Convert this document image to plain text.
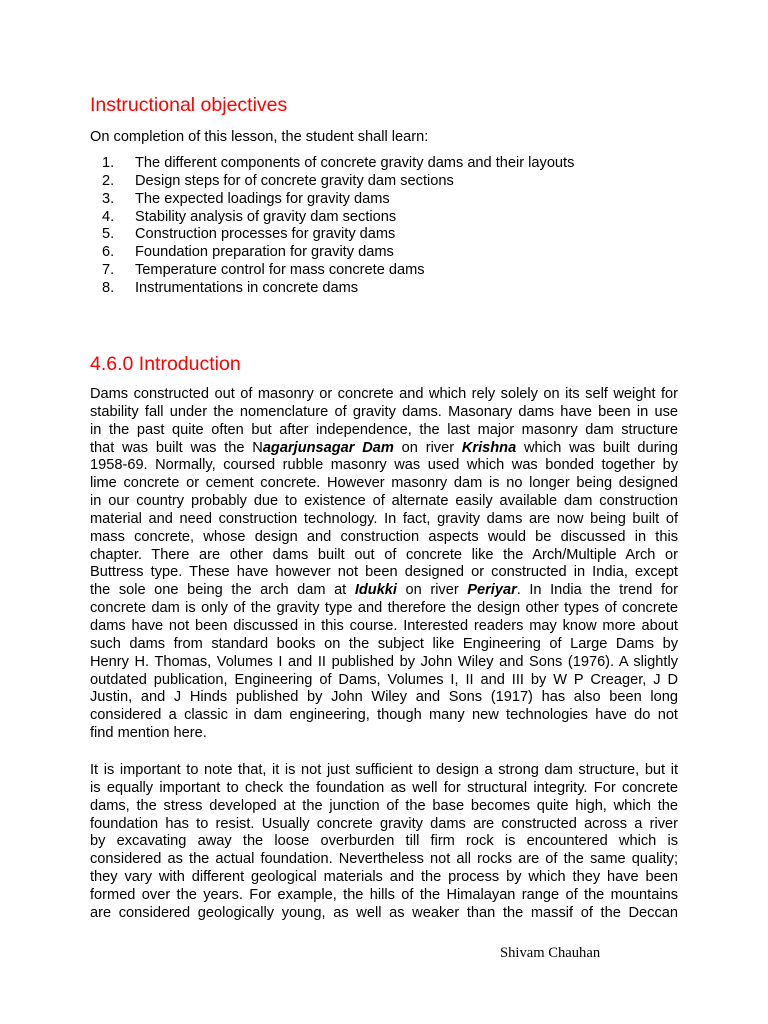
Instructional objectives

On completion of this lesson, the student shall learn:

1. The different components of concrete gravity dams and their layouts
2. Design steps for of concrete gravity dam sections
3. The expected loadings for gravity dams
4. Stability analysis of gravity dam sections
5. Construction processes for gravity dams
6. Foundation preparation for gravity dams
7. Temperature control for mass concrete dams
8. Instrumentations in concrete dams
4.6.0 Introduction
Dams constructed out of masonry or concrete and which rely solely on its self weight for
stability fall under the nomenclature of gravity dams. Masonary dams have been in use
in the past quite often but after independence, the last major masonry dam structure
that was built was the Nagarjunsagar Dam on river Krishna which was built during
1958-69. Normally, coursed rubble masonry was used which was bonded together by
lime concrete or cement concrete. However masonry dam is no longer being designed
in our country probably due to existence of alternate easily available dam construction
material and need construction technology. In fact, gravity dams are now being built of
mass concrete, whose design and construction aspects would be discussed in this
chapter. There are other dams built out of concrete like the Arch/Multiple Arch or
Buttress type. These have however not been designed or constructed in India, except
the sole one being the arch dam at Idukki on river Periyar. In India the trend for
concrete dam is only of the gravity type and therefore the design other types of concrete
dams have not been discussed in this course. Interested readers may know more about
such dams from standard books on the subject like Engineering of Large Dams by
Henry H. Thomas, Volumes I and II published by John Wiley and Sons (1976). A slightly
outdated publication, Engineering of Dams, Volumes I, II and III by W P Creager, J D
Justin, and J Hinds published by John Wiley and Sons (1917) has also been long
considered a classic in dam engineering, though many new technologies have do not
find mention here.
It is important to note that, it is not just sufficient to design a strong dam structure, but it
is equally important to check the foundation as well for structural integrity. For concrete
dams, the stress developed at the junction of the base becomes quite high, which the
foundation has to resist. Usually concrete gravity dams are constructed across a river
by excavating away the loose overburden till firm rock is encountered which is
considered as the actual foundation. Nevertheless not all rocks are of the same quality;
they vary with different geological materials and the process by which they have been
formed over the years. For example, the hills of the Himalayan range of the mountains
are considered geologically young, as well as weaker than the massif of the Deccan

Shivam Chauhan
